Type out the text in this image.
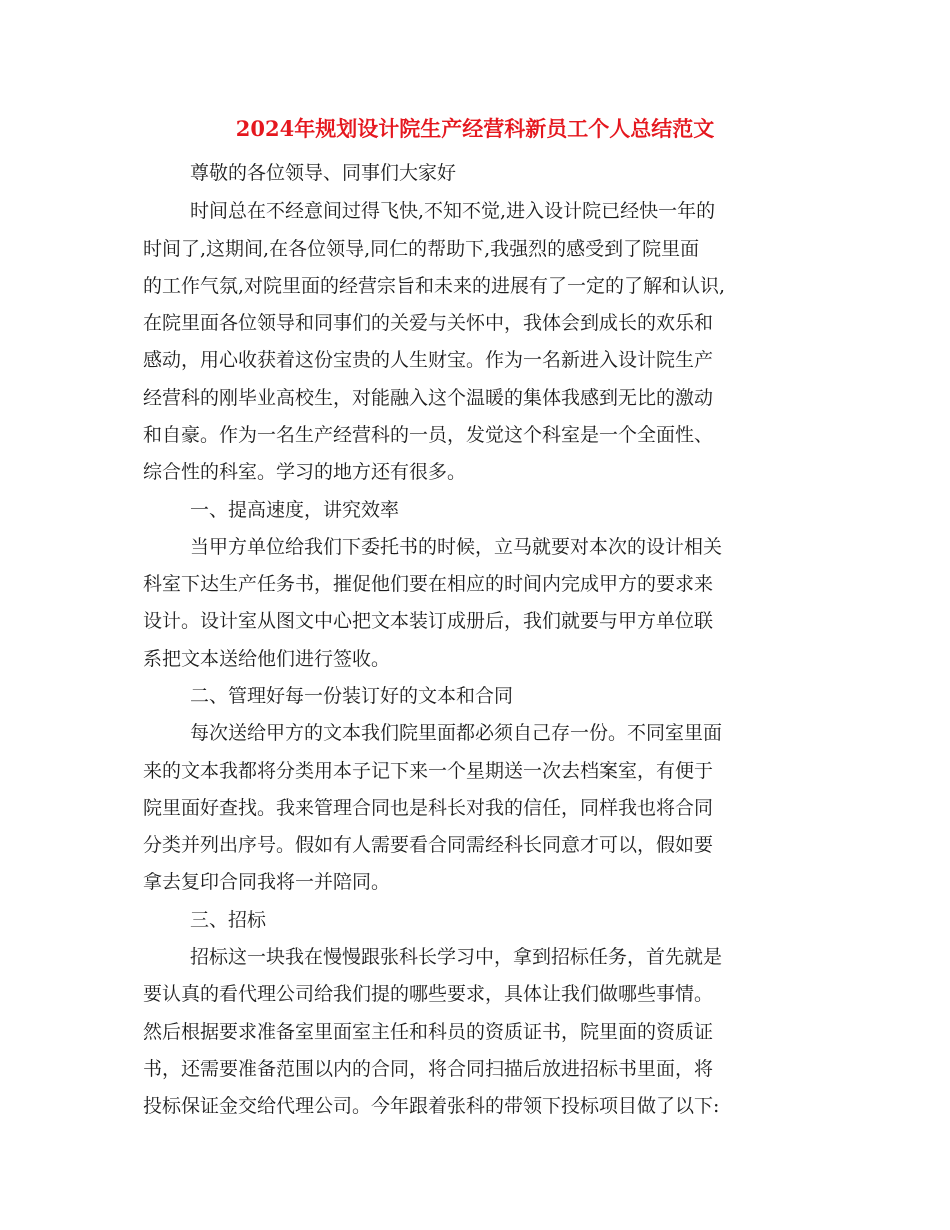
2024年规划设计院生产经营科新员工个人总结范文
尊敬的各位领导、同事们大家好
时间总在不经意间过得飞快,不知不觉,进入设计院已经快一年的
时间了,这期间,在各位领导,同仁的帮助下,我强烈的感受到了院里面
的工作气氛,对院里面的经营宗旨和未来的进展有了一定的了解和认识,
在院里面各位领导和同事们的关爱与关怀中，我体会到成长的欢乐和
感动，用心收获着这份宝贵的人生财宝。作为一名新进入设计院生产
经营科的刚毕业高校生，对能融入这个温暖的集体我感到无比的激动
和自豪。作为一名生产经营科的一员，发觉这个科室是一个全面性、
综合性的科室。学习的地方还有很多。
一、提高速度，讲究效率
当甲方单位给我们下委托书的时候，立马就要对本次的设计相关
科室下达生产任务书，摧促他们要在相应的时间内完成甲方的要求来
设计。设计室从图文中心把文本装订成册后，我们就要与甲方单位联
系把文本送给他们进行签收。
二、管理好每一份装订好的文本和合同
每次送给甲方的文本我们院里面都必须自己存一份。不同室里面
来的文本我都将分类用本子记下来一个星期送一次去档案室，有便于
院里面好查找。我来管理合同也是科长对我的信任，同样我也将合同
分类并列出序号。假如有人需要看合同需经科长同意才可以，假如要
拿去复印合同我将一并陪同。
三、招标
招标这一块我在慢慢跟张科长学习中，拿到招标任务，首先就是
要认真的看代理公司给我们提的哪些要求，具体让我们做哪些事情。
然后根据要求准备室里面室主任和科员的资质证书，院里面的资质证
书，还需要准备范围以内的合同，将合同扫描后放进招标书里面，将
投标保证金交给代理公司。今年跟着张科的带领下投标项目做了以下:
